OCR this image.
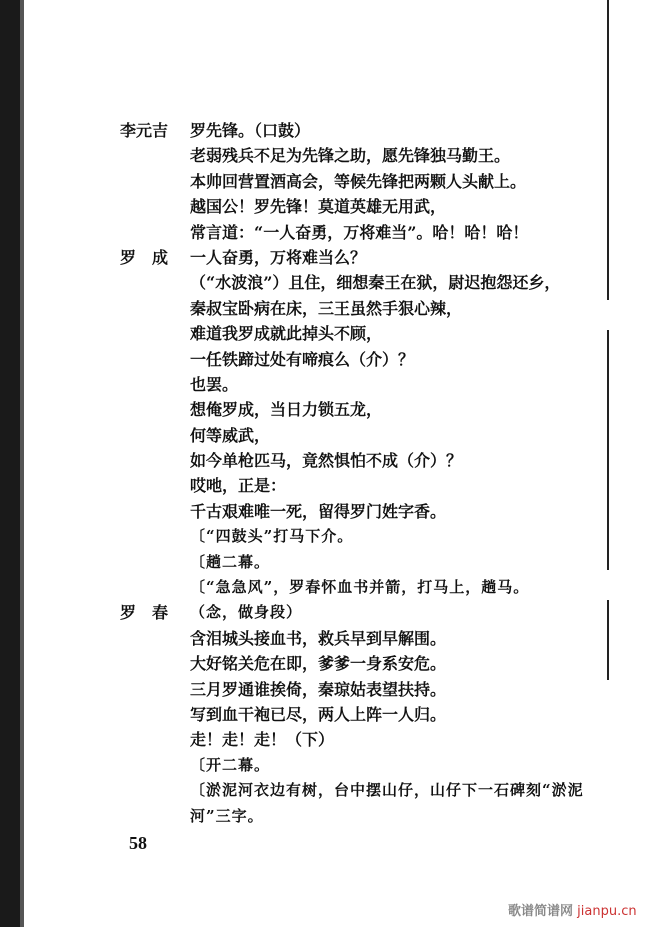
李元吉	罗先锋。（口鼓）
老弱残兵不足为先锋之助，愿先锋独马勤王。
本帅回营置酒高会，等候先锋把两颗人头献上。
越国公！罗先锋！莫道英雄无用武，
常言道：“一人奋勇，万将难当”。哈！哈！哈！
罗　成	一人奋勇，万将难当么？
（“水波浪”）且住，细想秦王在狱，尉迟抱怨还乡，
秦叔宝卧病在床，三王虽然手狠心辣，
难道我罗成就此掉头不顾，
一任铁蹄过处有啼痕么（介）？
也罢。
想俺罗成，当日力锁五龙，
何等威武，
如今单枪匹马，竟然惧怕不成（介）？
哎吔，正是：
千古艰难唯一死，留得罗门姓字香。
〔“四鼓头”打马下介。
〔趟二幕。
〔“急急风”，罗春怀血书并箭，打马上，趟马。
罗　春	（念，做身段）
含泪城头接血书，救兵早到早解围。
大好铭关危在即，爹爹一身系安危。
三月罗通谁挨倚，秦琼姑表望扶持。
写到血干袍已尽，两人上阵一人归。
走！走！走！（下）
〔开二幕。
〔淤泥河衣边有树，台中摆山仔，山仔下一石碑刻“淤泥
河”三字。
58
歌谱简谱网 jianpu.cn
